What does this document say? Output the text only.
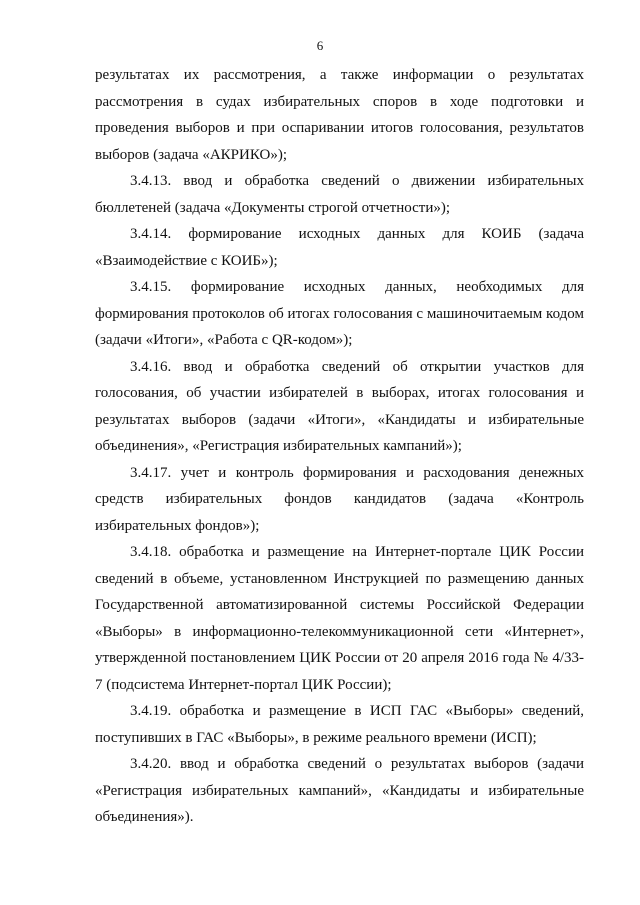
6

результатах их рассмотрения, а также информации о результатах рассмотрения в судах избирательных споров в ходе подготовки и проведения выборов и при оспаривании итогов голосования, результатов выборов (задача «АКРИКО»);

3.4.13. ввод и обработка сведений о движении избирательных бюллетеней (задача «Документы строгой отчетности»);

3.4.14. формирование исходных данных для КОИБ (задача «Взаимодействие с КОИБ»);

3.4.15. формирование исходных данных, необходимых для формирования протоколов об итогах голосования с машиночитаемым кодом (задачи «Итоги», «Работа с QR-кодом»);

3.4.16. ввод и обработка сведений об открытии участков для голосования, об участии избирателей в выборах, итогах голосования и результатах выборов (задачи «Итоги», «Кандидаты и избирательные объединения», «Регистрация избирательных кампаний»);

3.4.17. учет и контроль формирования и расходования денежных средств избирательных фондов кандидатов (задача «Контроль избирательных фондов»);

3.4.18. обработка и размещение на Интернет-портале ЦИК России сведений в объеме, установленном Инструкцией по размещению данных Государственной автоматизированной системы Российской Федерации «Выборы» в информационно-телекоммуникационной сети «Интернет», утвержденной постановлением ЦИК России от 20 апреля 2016 года № 4/33-7 (подсистема Интернет-портал ЦИК России);

3.4.19. обработка и размещение в ИСП ГАС «Выборы» сведений, поступивших в ГАС «Выборы», в режиме реального времени (ИСП);

3.4.20. ввод и обработка сведений о результатах выборов (задачи «Регистрация избирательных кампаний», «Кандидаты и избирательные объединения»).
